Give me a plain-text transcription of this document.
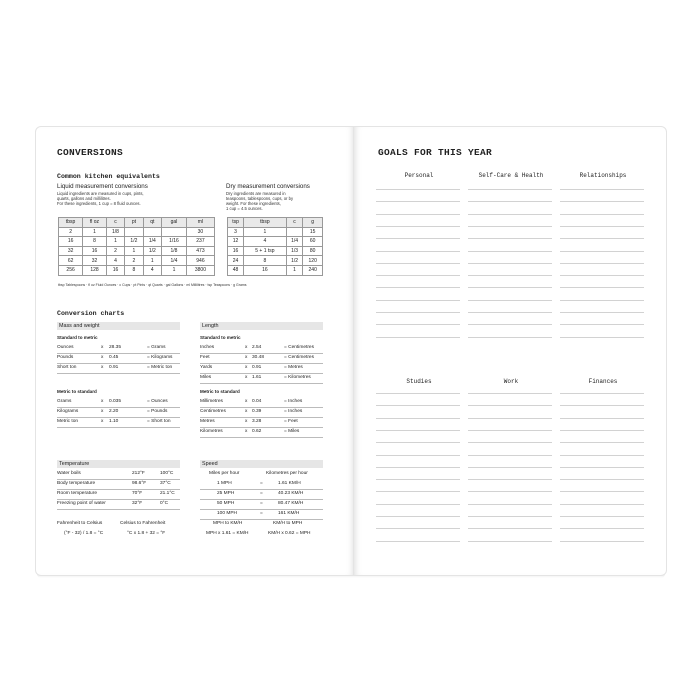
CONVERSIONS
Common kitchen equivalents
Liquid measurement conversions
Liquid ingredients are measured in cups, pints,
quarts, gallons and millilitres.
For these ingredients, 1 cup = 8 fluid ounces.
Dry measurement conversions
Dry ingredients are measured in
teaspoons, tablespoons, cups, or by
weight. For these ingredients,
1 cup = 4.5 ounces.
tbsp	fl oz	c	pt	qt	gal	ml
2	1	1/8				30
16	8	1	1/2	1/4	1/16	237
32	16	2	1	1/2	1/8	473
62	32	4	2	1	1/4	946
256	128	16	8	4	1	3800
tsp	tbsp	c	g
3	1		15
12	4	1/4	60
16	5 + 1 tsp	1/3	80
24	8	1/2	120
48	16	1	240
tbsp Tablespoons · fl oz Fluid Ounces · c Cups · pt Pints · qt Quarts · gal Gallons · ml Millilitres · tsp Teaspoons · g Grams
Conversion charts
Mass and weight
Standard to metric
Ounces	x 28.35	= Grams
Pounds	x 0.45	= Kilograms
Short ton	x 0.91	= Metric ton
Metric to standard
Grams	x 0.035	= Ounces
Kilograms	x 2.20	= Pounds
Metric ton	x 1.10	= Short ton
Length
Standard to metric
Inches	x 2.54	= Centimetres
Feet	x 30.48	= Centimetres
Yards	x 0.91	= Metres
Miles	x 1.61	= Kilometres
Metric to standard
Millimetres	x 0.04	= Inches
Centimetres	x 0.39	= Inches
Metres	x 3.28	= Feet
Kilometres	x 0.62	= Miles
Temperature
Water boils	212°F	100°C
Body temperature	98.6°F	37°C
Room temperature	70°F	21.1°C
Freezing point of water	32°F	0°C
Fahrenheit to Celsius	Celsius to Fahrenheit
(°F - 32) / 1.8 = °C	°C x 1.8 + 32 = °F
Speed
Miles per hour	Kilometres per hour
1 MPH	=	1.61 KM/H
25 MPH	=	40.23 KM/H
50 MPH	=	80.47 KM/H
100 MPH	=	161 KM/H
MPH to KM/H	KM/H to MPH
MPH x 1.61 = KM/H	KM/H x 0.62 = MPH
GOALS FOR THIS YEAR
Personal	Self-Care & Health	Relationships
Studies	Work	Finances
